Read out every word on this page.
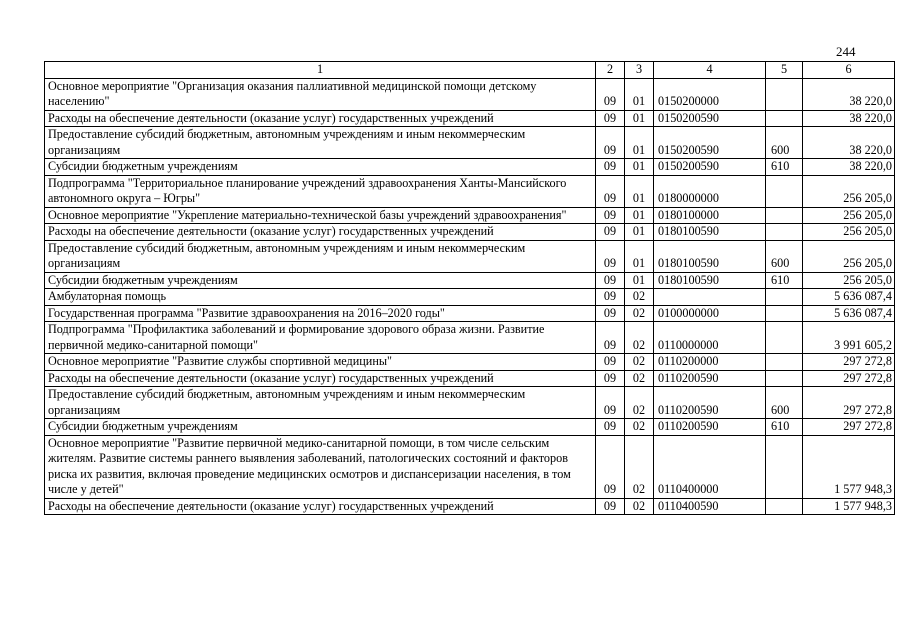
244
1	2	3	4	5	6
Основное мероприятие "Организация оказания паллиативной медицинской помощи детскому населению"	09	01	0150200000		38 220,0
Расходы на обеспечение деятельности (оказание услуг) государственных учреждений	09	01	0150200590		38 220,0
Предоставление субсидий бюджетным, автономным учреждениям и иным некоммерческим организациям	09	01	0150200590	600	38 220,0
Субсидии бюджетным учреждениям	09	01	0150200590	610	38 220,0
Подпрограмма "Территориальное планирование учреждений здравоохранения Ханты-Мансийского автономного округа – Югры"	09	01	0180000000		256 205,0
Основное мероприятие "Укрепление материально-технической базы учреждений здравоохранения"	09	01	0180100000		256 205,0
Расходы на обеспечение деятельности (оказание услуг) государственных учреждений	09	01	0180100590		256 205,0
Предоставление субсидий бюджетным, автономным учреждениям и иным некоммерческим организациям	09	01	0180100590	600	256 205,0
Субсидии бюджетным учреждениям	09	01	0180100590	610	256 205,0
Амбулаторная помощь	09	02			5 636 087,4
Государственная программа "Развитие здравоохранения на 2016–2020 годы"	09	02	0100000000		5 636 087,4
Подпрограмма "Профилактика заболеваний и формирование здорового образа жизни. Развитие первичной медико-санитарной помощи"	09	02	0110000000		3 991 605,2
Основное мероприятие "Развитие службы спортивной медицины"	09	02	0110200000		297 272,8
Расходы на обеспечение деятельности (оказание услуг) государственных учреждений	09	02	0110200590		297 272,8
Предоставление субсидий бюджетным, автономным учреждениям и иным некоммерческим организациям	09	02	0110200590	600	297 272,8
Субсидии бюджетным учреждениям	09	02	0110200590	610	297 272,8
Основное мероприятие "Развитие первичной медико-санитарной помощи, в том числе сельским жителям. Развитие системы раннего выявления заболеваний, патологических состояний и факторов риска их развития, включая проведение медицинских осмотров и диспансеризации населения, в том числе у детей"	09	02	0110400000		1 577 948,3
Расходы на обеспечение деятельности (оказание услуг) государственных учреждений	09	02	0110400590		1 577 948,3
